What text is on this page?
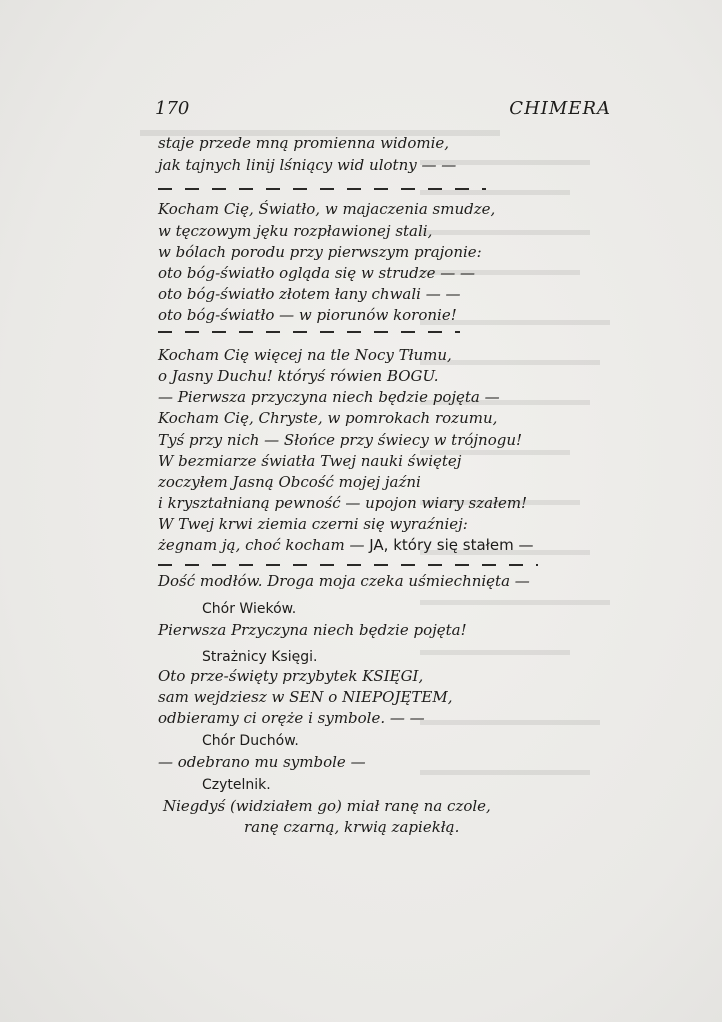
170	CHIMERA
staje przede mną promienna widomie,
jak tajnych linij lśniący wid ulotny — —
Kocham Cię, Światło, w majaczenia smudze,
w tęczowym jęku rozpławionej stali,
w bólach porodu przy pierwszym prajonie:
oto bóg-światło ogląda się w strudze — —
oto bóg-światło złotem łany chwali — —
oto bóg-światło — w piorunów koronie!
Kocham Cię więcej na tle Nocy Tłumu,
o Jasny Duchu! któryś rówien BOGU.
— Pierwsza przyczyna niech będzie pojęta —
Kocham Cię, Chryste, w pomrokach rozumu,
Tyś przy nich — Słońce przy świecy w trójnogu!
W bezmiarze światła Twej nauki świętej
zoczyłem Jasną Obcość mojej jaźni
i kryształnianą pewność — upojon wiary szałem!
W Twej krwi ziemia czerni się wyraźniej:
żegnam ją, choć kocham — JA, który się stałem —
Dość modłów. Droga moja czeka uśmiechnięta —
Chór Wieków.
Pierwsza Przyczyna niech będzie pojęta!
Strażnicy Księgi.
Oto prze-święty przybytek KSIĘGI,
sam wejdziesz w SEN o NIEPOJĘTEM,
odbieramy ci oręże i symbole. — —
Chór Duchów.
— odebrano mu symbole —
Czytelnik.
Niegdyś (widziałem go) miał ranę na czole,
ranę czarną, krwią zapiekłą.
